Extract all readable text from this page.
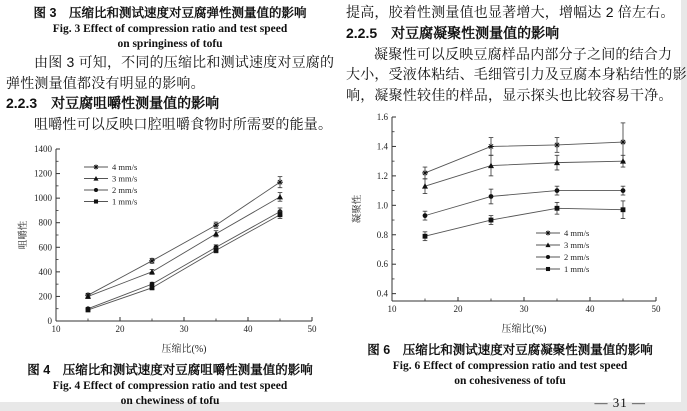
图 3　压缩比和测试速度对豆腐弹性测量值的影响
Fig. 3 Effect of compression ratio and test speed
on springiness of tofu
由图 3 可知，不同的压缩比和测试速度对豆腐的
弹性测量值都没有明显的影响。
2.2.3　对豆腐咀嚼性测量值的影响
咀嚼性可以反映口腔咀嚼食物时所需要的能量。
10	20	30	40	50
0
200
400
600
800
1000
1200
1400
压缩比(%)
咀嚼性
4 mm/s
3 mm/s
2 mm/s
1 mm/s
图 4　压缩比和测试速度对豆腐咀嚼性测量值的影响
Fig. 4 Effect of compression ratio and test speed
on chewiness of tofu
提高，胶着性测量值也显著增大，增幅达 2 倍左右。
2.2.5　对豆腐凝聚性测量值的影响
凝聚性可以反映豆腐样品内部分子之间的结合力
大小，受液体粘结、毛细管引力及豆腐本身粘结性的影
响，凝聚性较佳的样品，显示探头也比较容易干净。
10	20	30	40	50
0.4
0.6
0.8
1.0
1.2
1.4
1.6
压缩比(%)
凝聚性
4 mm/s
3 mm/s
2 mm/s
1 mm/s
图 6　压缩比和测试速度对豆腐凝聚性测量值的影响
Fig. 6 Effect of compression ratio and test speed
on cohesiveness of tofu
— 31 —
